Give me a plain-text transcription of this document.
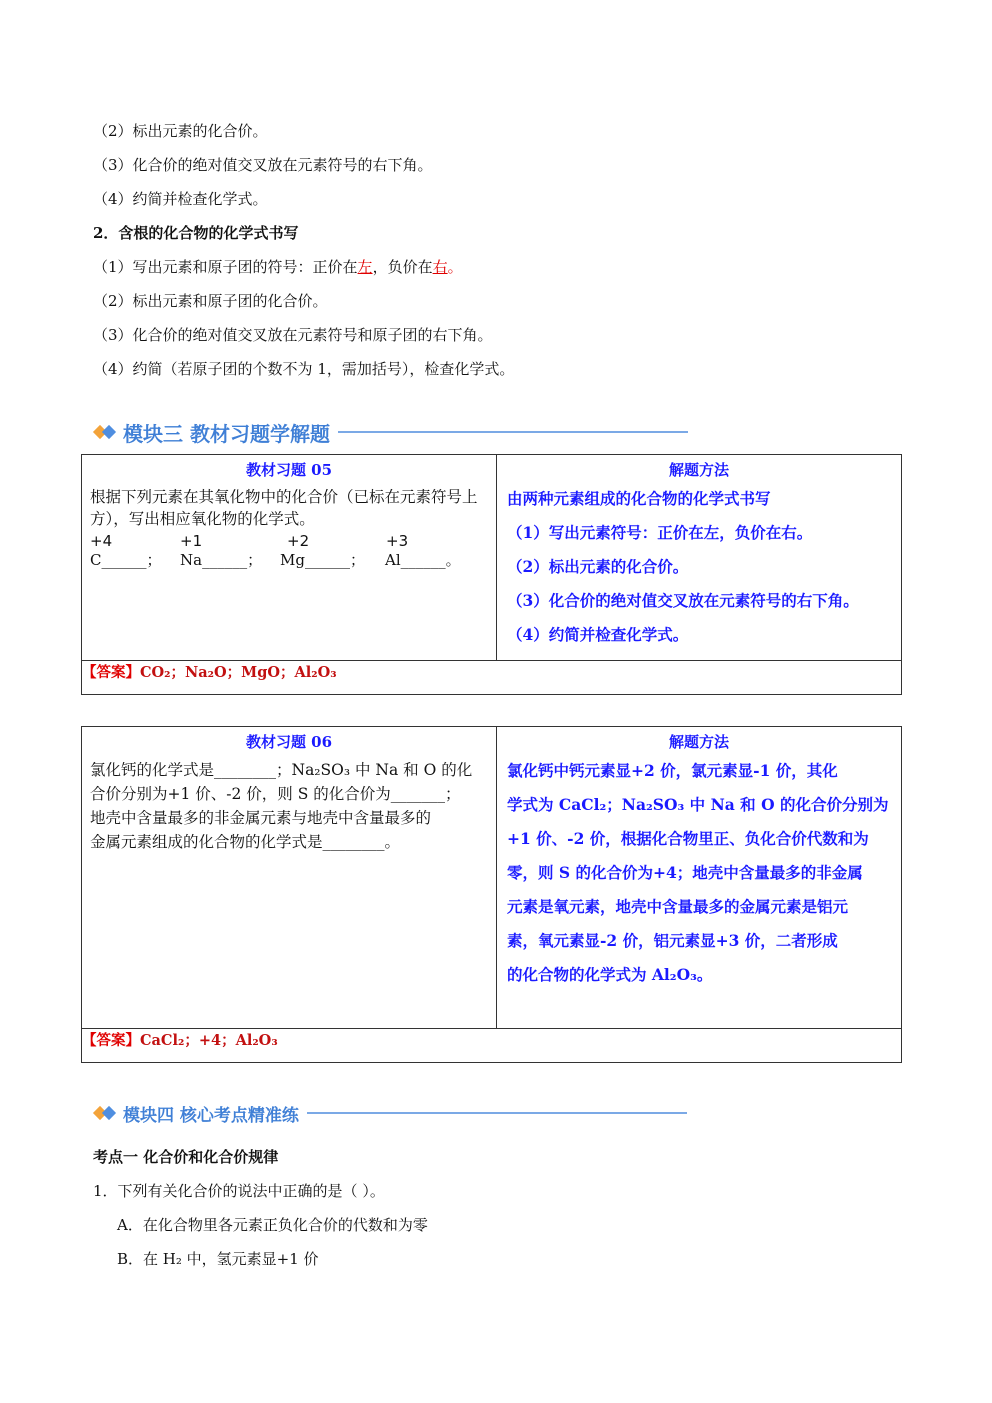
（2）标出元素的化合价。
（3）化合价的绝对值交叉放在元素符号的右下角。
（4）约简并检查化学式。
2．含根的化合物的化学式书写
（1）写出元素和原子团的符号：正价在左，负价在右。
（2）标出元素和原子团的化合价。
（3）化合价的绝对值交叉放在元素符号和原子团的右下角。
（4）约简（若原子团的个数不为 1，需加括号），检查化学式。
模块三 教材习题学解题
教材习题 05
根据下列元素在其氧化物中的化合价（已标在元素符号上方），写出相应氧化物的化学式。
+4	+1	+2	+3
C______；	Na______；	Mg______；	Al______。

解题方法
由两种元素组成的化合物的化学式书写
（1）写出元素符号：正价在左，负价在右。
（2）标出元素的化合价。
（3）化合价的绝对值交叉放在元素符号的右下角。
（4）约简并检查化学式。

【答案】CO₂；Na₂O；MgO；Al₂O₃
教材习题 06
氯化钙的化学式是________；Na₂SO₃ 中 Na 和 O 的化
合价分别为+1 价、-2 价，则 S 的化合价为_______；
地壳中含量最多的非金属元素与地壳中含量最多的
金属元素组成的化合物的化学式是________。

解题方法
氯化钙中钙元素显+2 价，氯元素显-1 价，其化
学式为 CaCl₂；Na₂SO₃ 中 Na 和 O 的化合价分别为
+1 价、-2 价，根据化合物里正、负化合价代数和为
零，则 S 的化合价为+4；地壳中含量最多的非金属
元素是氧元素，地壳中含量最多的金属元素是铝元
素，氧元素显-2 价，铝元素显+3 价，二者形成
的化合物的化学式为 Al₂O₃。

【答案】CaCl₂；+4；Al₂O₃
模块四 核心考点精准练
考点一 化合价和化合价规律
1．下列有关化合价的说法中正确的是（ ）。
A．在化合物里各元素正负化合价的代数和为零
B．在 H₂ 中，氢元素显+1 价
